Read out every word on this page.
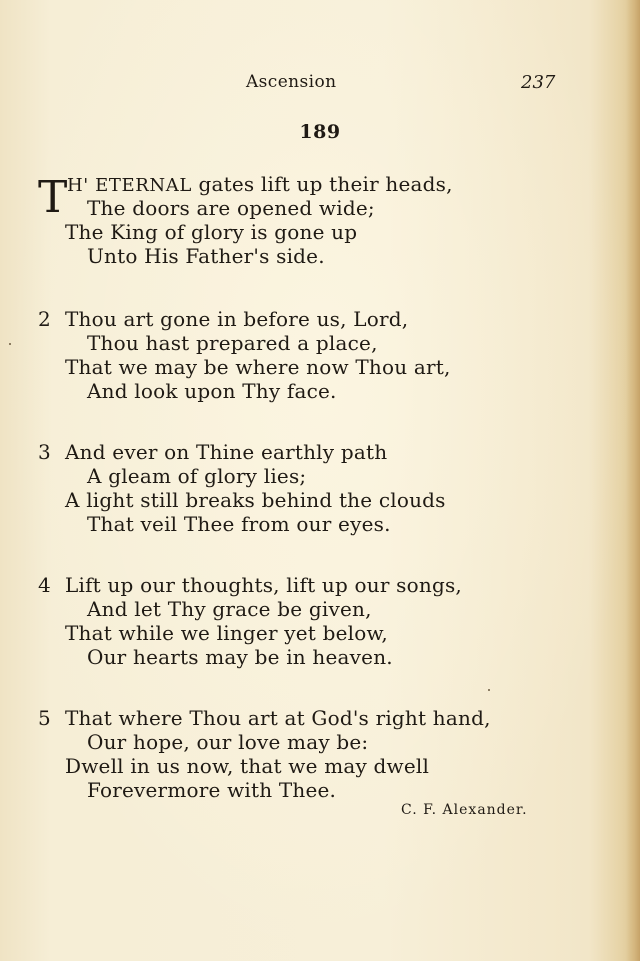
Ascension	237
189
T H' ETERNAL gates lift up their heads,
The doors are opened wide;
The King of glory is gone up
Unto His Father's side.
2 Thou art gone in before us, Lord,
Thou hast prepared a place,
That we may be where now Thou art,
And look upon Thy face.
3 And ever on Thine earthly path
A gleam of glory lies;
A light still breaks behind the clouds
That veil Thee from our eyes.
4 Lift up our thoughts, lift up our songs,
And let Thy grace be given,
That while we linger yet below,
Our hearts may be in heaven.
5 That where Thou art at God's right hand,
Our hope, our love may be:
Dwell in us now, that we may dwell
Forevermore with Thee.
C. F. Alexander.
